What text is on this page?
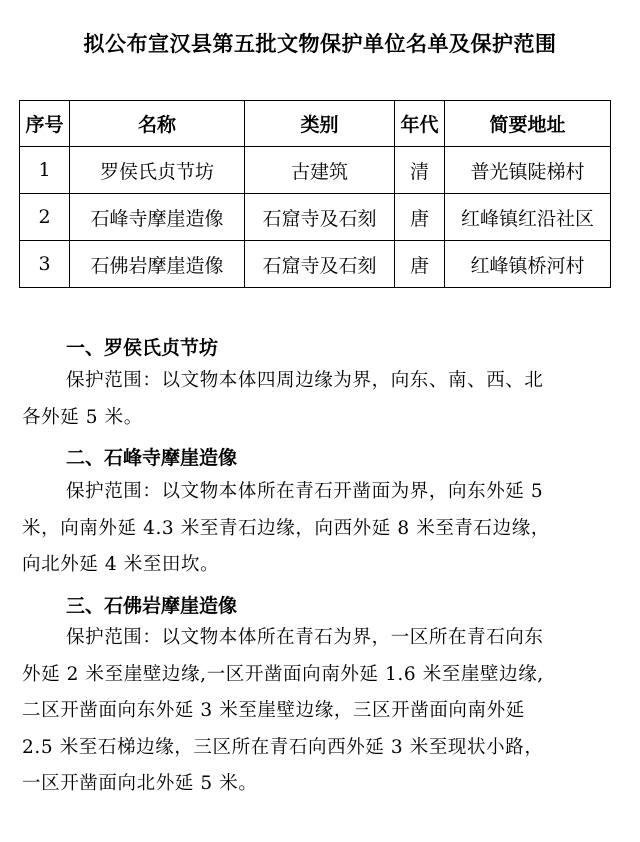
拟公布宣汉县第五批文物保护单位名单及保护范围
序号	名称	类别	年代	简要地址
1	罗侯氏贞节坊	古建筑	清	普光镇陡梯村
2	石峰寺摩崖造像	石窟寺及石刻	唐	红峰镇红沿社区
3	石佛岩摩崖造像	石窟寺及石刻	唐	红峰镇桥河村
一、罗侯氏贞节坊
保护范围：以文物本体四周边缘为界，向东、南、西、北
各外延 5 米。
二、石峰寺摩崖造像
保护范围：以文物本体所在青石开凿面为界，向东外延 5
米，向南外延 4.3 米至青石边缘，向西外延 8 米至青石边缘，
向北外延 4 米至田坎。
三、石佛岩摩崖造像
保护范围：以文物本体所在青石为界，一区所在青石向东
外延 2 米至崖壁边缘,一区开凿面向南外延 1.6 米至崖壁边缘,
二区开凿面向东外延 3 米至崖壁边缘，三区开凿面向南外延
2.5 米至石梯边缘，三区所在青石向西外延 3 米至现状小路，
一区开凿面向北外延 5 米。
